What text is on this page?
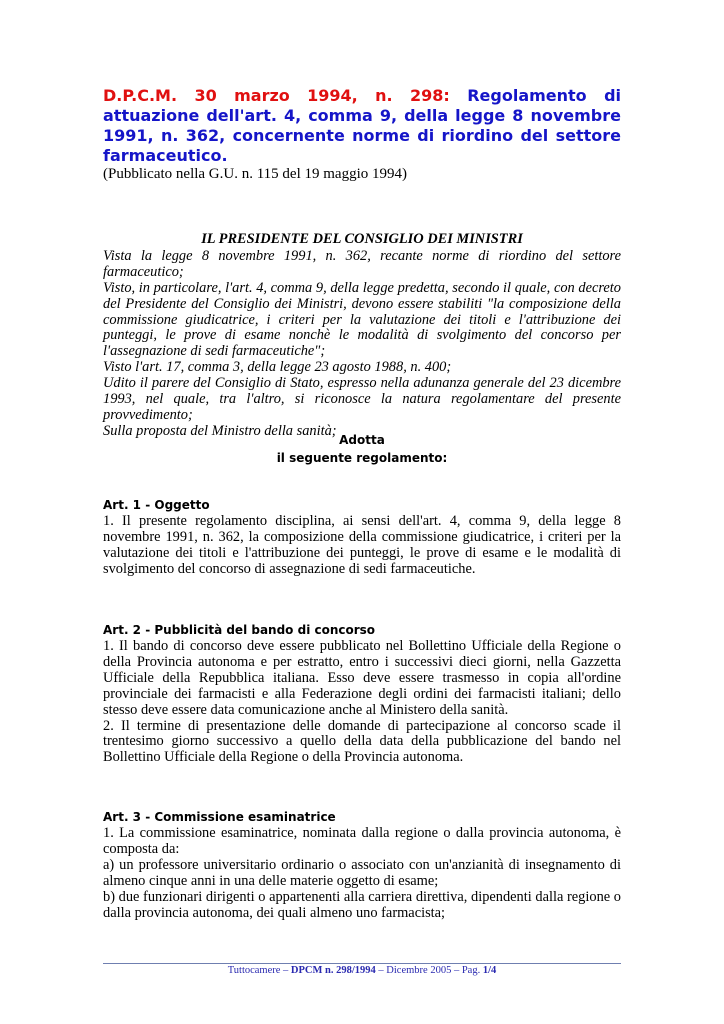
D.P.C.M. 30 marzo 1994, n. 298: Regolamento di attuazione dell'art. 4, comma 9, della legge 8 novembre 1991, n. 362, concernente norme di riordino del settore farmaceutico.
(Pubblicato nella G.U. n. 115 del 19 maggio 1994)
IL PRESIDENTE DEL CONSIGLIO DEI MINISTRI

Vista la legge 8 novembre 1991, n. 362, recante norme di riordino del settore farmaceutico;

Visto, in particolare, l'art. 4, comma 9, della legge predetta, secondo il quale, con decreto del Presidente del Consiglio dei Ministri, devono essere stabiliti "la composizione della commissione giudicatrice, i criteri per la valutazione dei titoli e l'attribuzione dei punteggi, le prove di esame nonchè le modalità di svolgimento del concorso per l'assegnazione di sedi farmaceutiche";

Visto l'art. 17, comma 3, della legge 23 agosto 1988, n. 400;

Udito il parere del Consiglio di Stato, espresso nella adunanza generale del 23 dicembre 1993, nel quale, tra l'altro, si riconosce la natura regolamentare del presente provvedimento;

Sulla proposta del Ministro della sanità;

Adotta
il seguente regolamento:
Art. 1 - Oggetto

1. Il presente regolamento disciplina, ai sensi dell'art. 4, comma 9, della legge 8 novembre 1991, n. 362, la composizione della commissione giudicatrice, i criteri per la valutazione dei titoli e l'attribuzione dei punteggi, le prove di esame e le modalità di svolgimento del concorso di assegnazione di sedi farmaceutiche.

Art. 2 - Pubblicità del bando di concorso

1. Il bando di concorso deve essere pubblicato nel Bollettino Ufficiale della Regione o della Provincia autonoma e per estratto, entro i successivi dieci giorni, nella Gazzetta Ufficiale della Repubblica italiana. Esso deve essere trasmesso in copia all'ordine provinciale dei farmacisti e alla Federazione degli ordini dei farmacisti italiani; dello stesso deve essere data comunicazione anche al Ministero della sanità.

2. Il termine di presentazione delle domande di partecipazione al concorso scade il trentesimo giorno successivo a quello della data della pubblicazione del bando nel Bollettino Ufficiale della Regione o della Provincia autonoma.

Art. 3 - Commissione esaminatrice

1. La commissione esaminatrice, nominata dalla regione o dalla provincia autonoma, è composta da:

a) un professore universitario ordinario o associato con un'anzianità di insegnamento di almeno cinque anni in una delle materie oggetto di esame;

b) due funzionari dirigenti o appartenenti alla carriera direttiva, dipendenti dalla regione o dalla provincia autonoma, dei quali almeno uno farmacista;

Tuttocamere – DPCM n. 298/1994 – Dicembre 2005 – Pag. 1/4
